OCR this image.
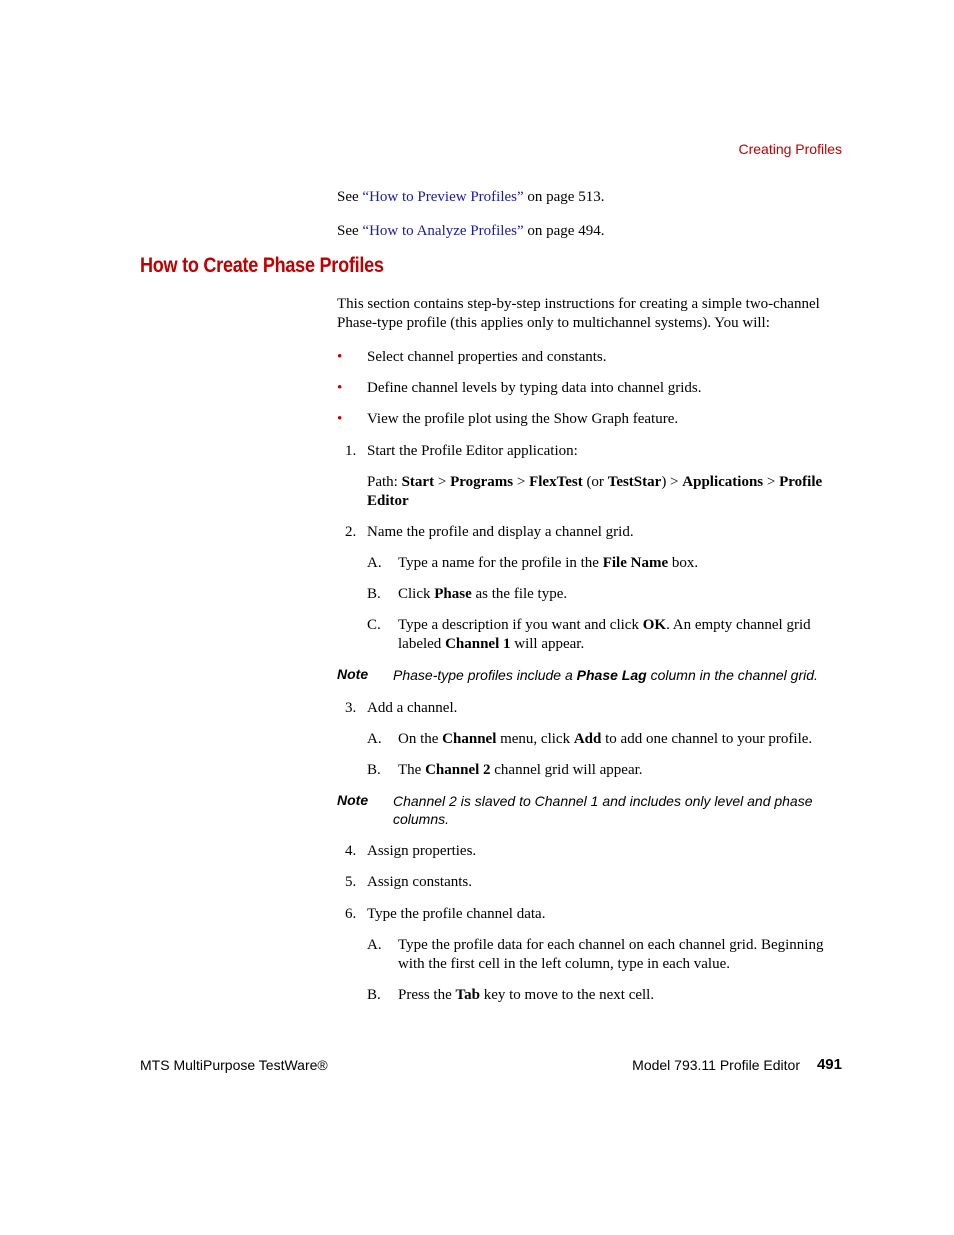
Creating Profiles
See “How to Preview Profiles” on page 513.
See “How to Analyze Profiles” on page 494.
How to Create Phase Profiles
This section contains step-by-step instructions for creating a simple two-channel
Phase-type profile (this applies only to multichannel systems). You will:
• Select channel properties and constants.
• Define channel levels by typing data into channel grids.
• View the profile plot using the Show Graph feature.
1. Start the Profile Editor application:
Path: Start > Programs > FlexTest (or TestStar) > Applications > Profile
Editor
2. Name the profile and display a channel grid.
A.	Type a name for the profile in the File Name box.
B.	Click Phase as the file type.
C.	Type a description if you want and click OK. An empty channel grid
labeled Channel 1 will appear.
Note Phase-type profiles include a Phase Lag column in the channel grid.
3. Add a channel.
A.	On the Channel menu, click Add to add one channel to your profile.
B.	The Channel 2 channel grid will appear.
Note Channel 2 is slaved to Channel 1 and includes only level and phase
columns.
4. Assign properties.
5. Assign constants.
6. Type the profile channel data.
A.	Type the profile data for each channel on each channel grid. Beginning
with the first cell in the left column, type in each value.
B.	Press the Tab key to move to the next cell.
MTS MultiPurpose TestWare®	Model 793.11 Profile Editor 491
